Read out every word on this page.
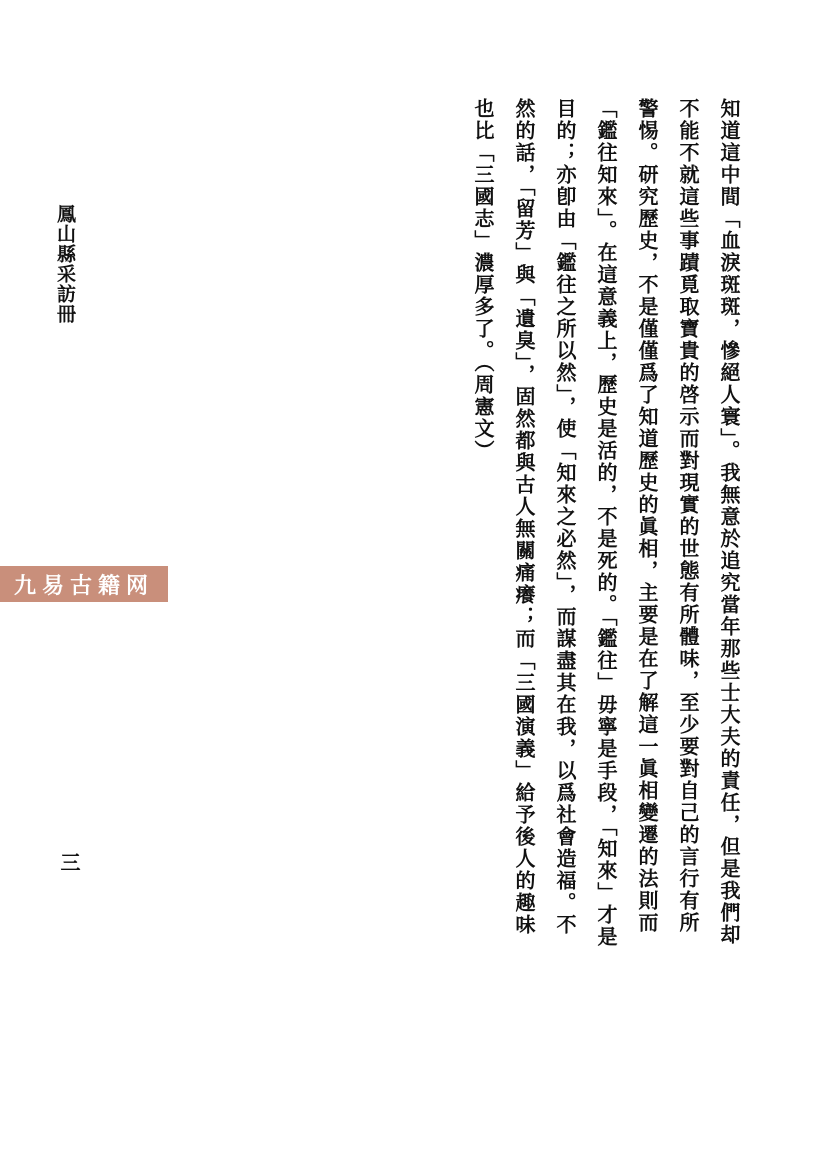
知道這中間「血淚斑斑，慘絕人寰」。我無意於追究當年那些士大夫的責任，但是我們却
不能不就這些事蹟覓取寶貴的啓示而對現實的世態有所體味，至少要對自己的言行有所
警惕。研究歷史，不是僅僅爲了知道歷史的眞相，主要是在了解這一眞相變遷的法則而
「鑑往知來」。在這意義上，歷史是活的，不是死的。「鑑往」毋寧是手段，「知來」才是
目的；亦卽由「鑑往之所以然」，使「知來之必然」，而謀盡其在我，以爲社會造福。不
然的話，「留芳」與「遺臭」，固然都與古人無關痛癢；而「三國演義」給予後人的趣味
也比「三國志」濃厚多了。（周憲文）
鳳山縣采訪冊
三
九易古籍网
